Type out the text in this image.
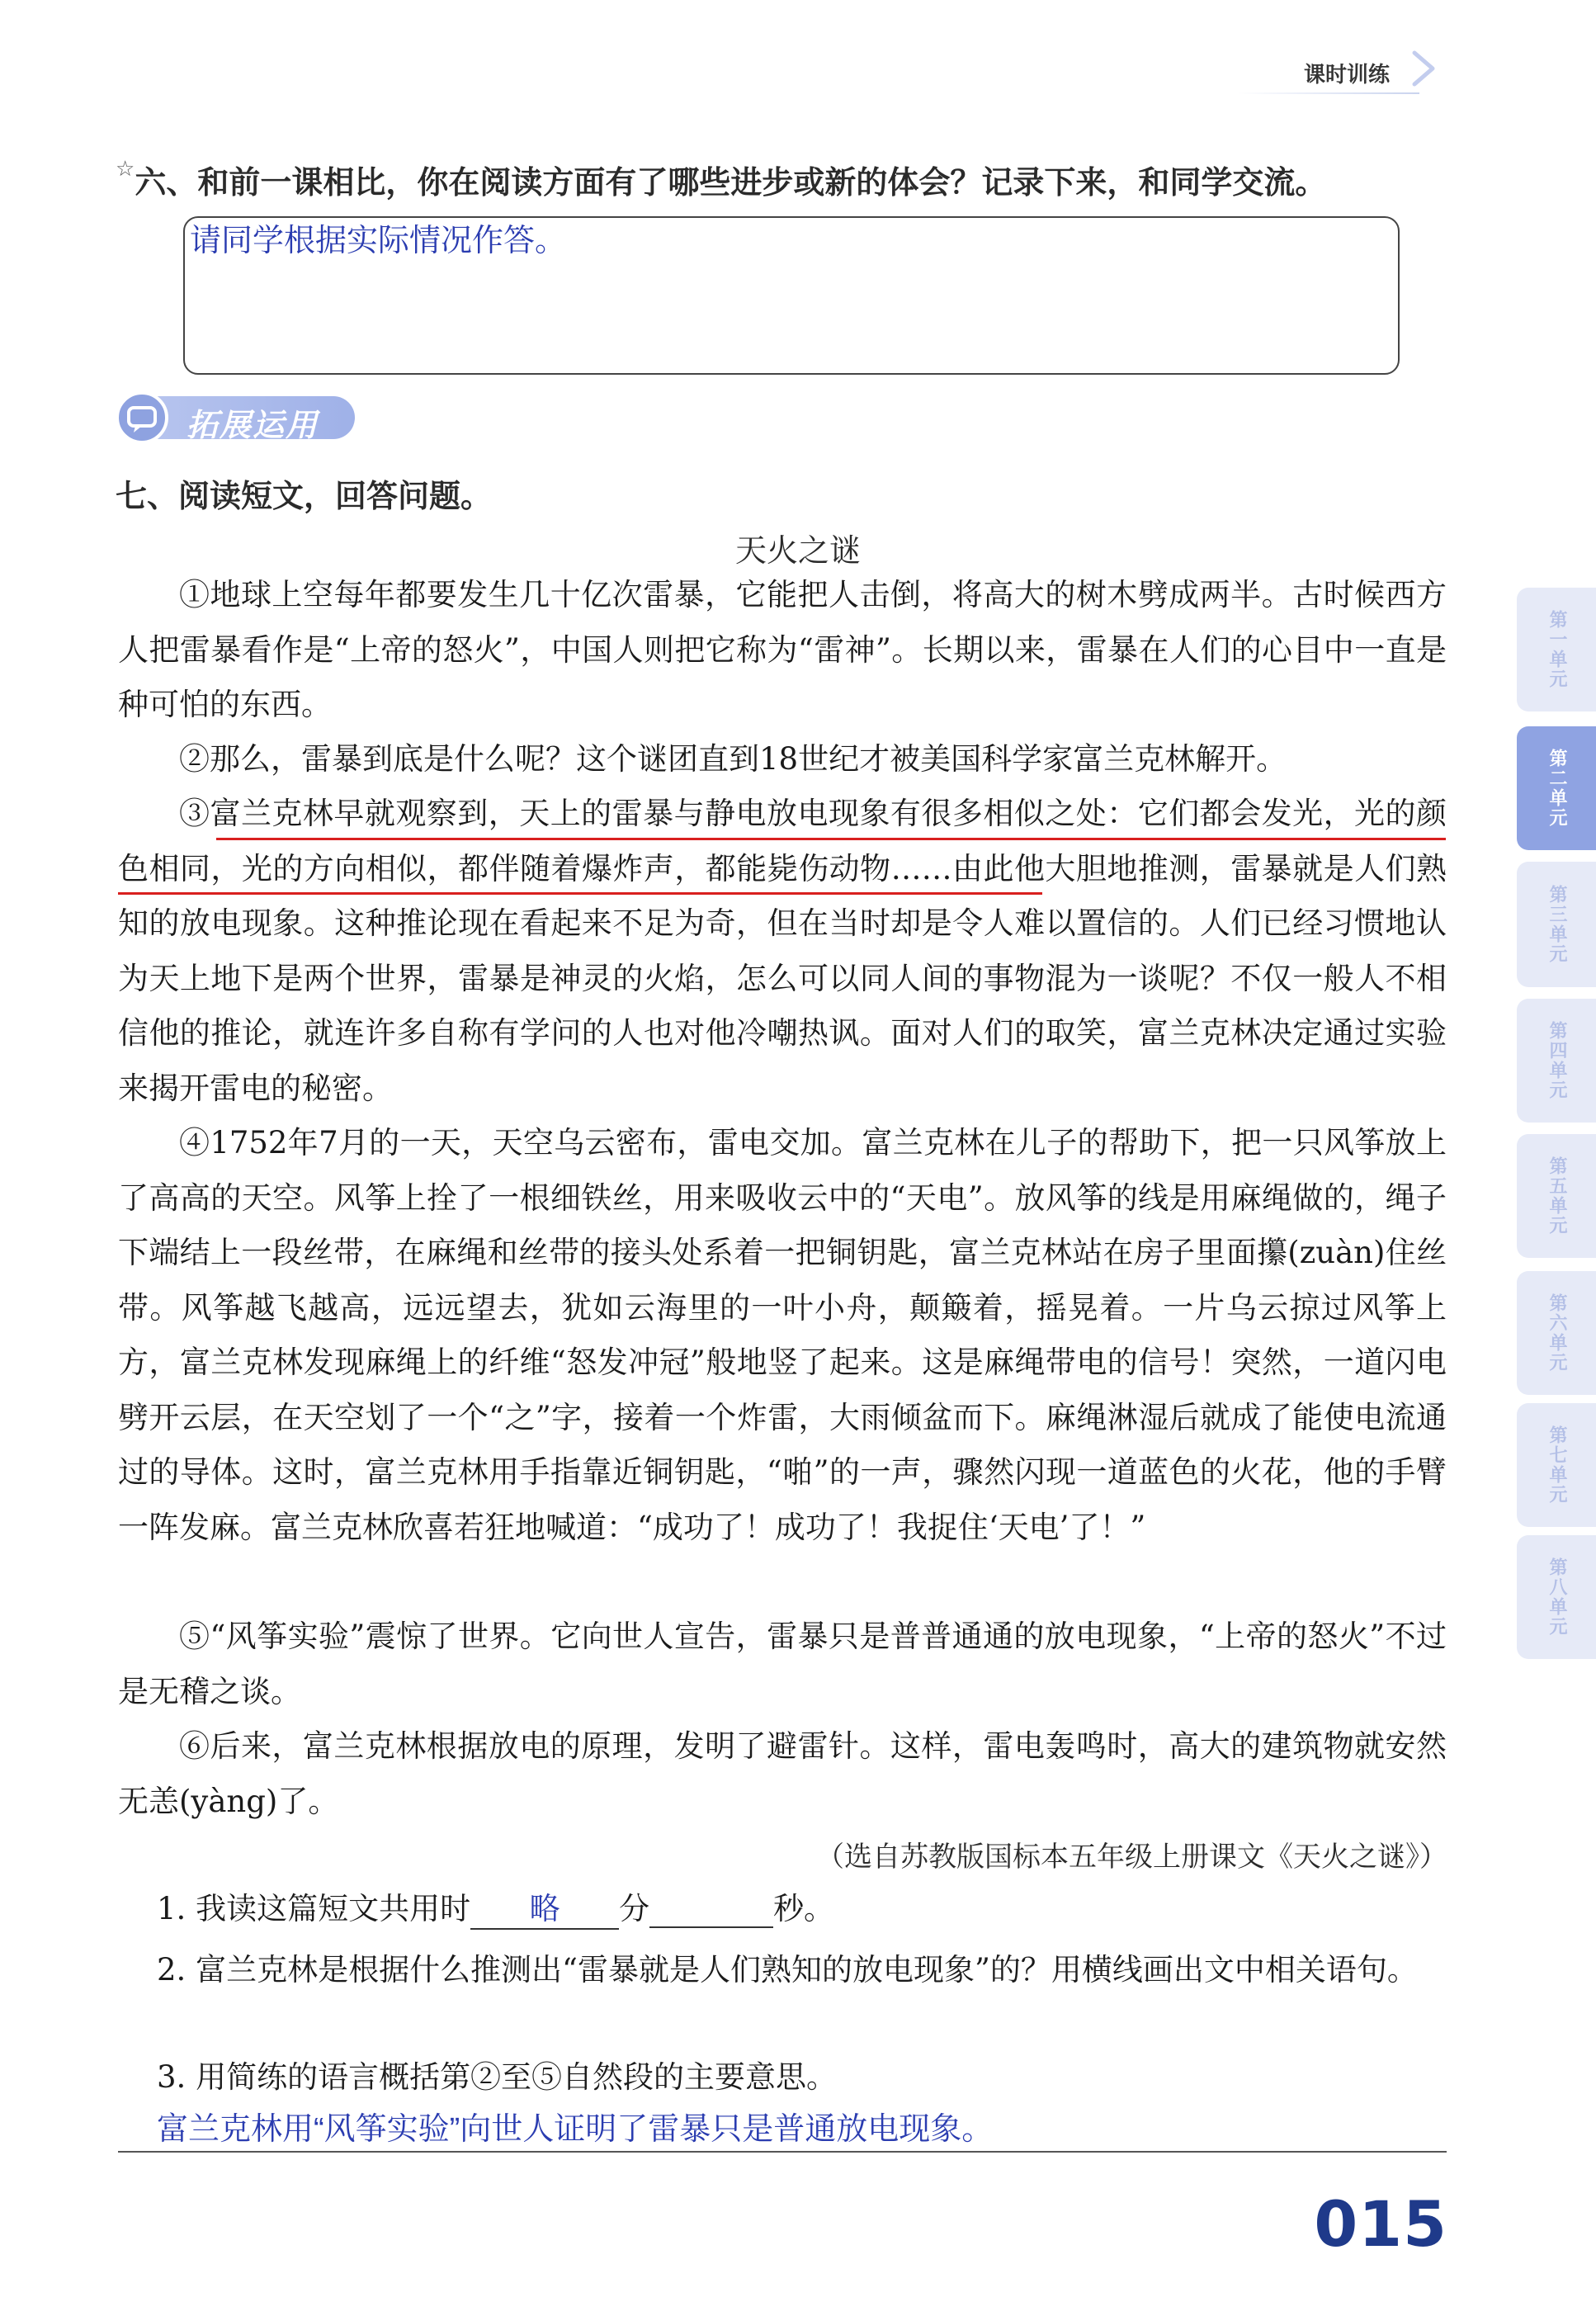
课时训练
☆六、和前一课相比，你在阅读方面有了哪些进步或新的体会？记录下来，和同学交流。
请同学根据实际情况作答。
拓展运用
七、阅读短文，回答问题。
天火之谜
①地球上空每年都要发生几十亿次雷暴，它能把人击倒，将高大的树木劈成两半。古时候西方人把雷暴看作是“上帝的怒火”，中国人则把它称为“雷神”。长期以来，雷暴在人们的心目中一直是种可怕的东西。
②那么，雷暴到底是什么呢？这个谜团直到18世纪才被美国科学家富兰克林解开。
③富兰克林早就观察到，天上的雷暴与静电放电现象有很多相似之处：它们都会发光，光的颜色相同，光的方向相似，都伴随着爆炸声，都能毙伤动物……由此他大胆地推测，雷暴就是人们熟知的放电现象。这种推论现在看起来不足为奇，但在当时却是令人难以置信的。人们已经习惯地认为天上地下是两个世界，雷暴是神灵的火焰，怎么可以同人间的事物混为一谈呢？不仅一般人不相信他的推论，就连许多自称有学问的人也对他冷嘲热讽。面对人们的取笑，富兰克林决定通过实验来揭开雷电的秘密。
④1752年7月的一天，天空乌云密布，雷电交加。富兰克林在儿子的帮助下，把一只风筝放上了高高的天空。风筝上拴了一根细铁丝，用来吸收云中的“天电”。放风筝的线是用麻绳做的，绳子下端结上一段丝带，在麻绳和丝带的接头处系着一把铜钥匙，富兰克林站在房子里面攥(zuàn)住丝带。风筝越飞越高，远远望去，犹如云海里的一叶小舟，颠簸着，摇晃着。一片乌云掠过风筝上方，富兰克林发现麻绳上的纤维“怒发冲冠”般地竖了起来。这是麻绳带电的信号！突然，一道闪电劈开云层，在天空划了一个“之”字，接着一个炸雷，大雨倾盆而下。麻绳淋湿后就成了能使电流通过的导体。这时，富兰克林用手指靠近铜钥匙，“啪”的一声，骤然闪现一道蓝色的火花，他的手臂一阵发麻。富兰克林欣喜若狂地喊道：“成功了！成功了！我捉住‘天电’了！”
⑤“风筝实验”震惊了世界。它向世人宣告，雷暴只是普普通通的放电现象，“上帝的怒火”不过是无稽之谈。
⑥后来，富兰克林根据放电的原理，发明了避雷针。这样，雷电轰鸣时，高大的建筑物就安然无恙(yàng)了。
（选自苏教版国标本五年级上册课文《天火之谜》）
1. 我读这篇短文共用时 略 分	秒。
2. 富兰克林是根据什么推测出“雷暴就是人们熟知的放电现象”的？用横线画出文中相关语句。
3. 用简练的语言概括第②至⑤自然段的主要意思。
富兰克林用“风筝实验”向世人证明了雷暴只是普通放电现象。
015
第一单元
第二单元
第三单元
第四单元
第五单元
第六单元
第七单元
第八单元
